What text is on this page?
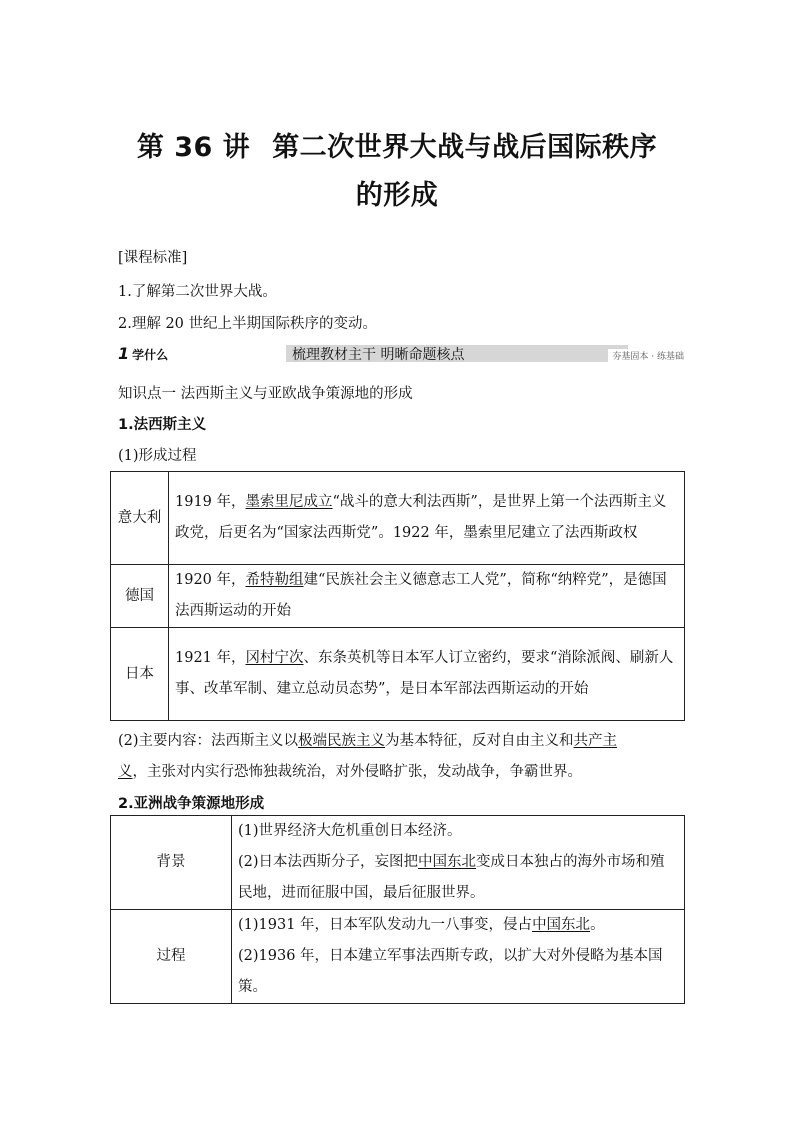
第 36 讲 第二次世界大战与战后国际秩序
的形成
[课程标准]
1.了解第二次世界大战。
2.理解 20 世纪上半期国际秩序的变动。
1 学什么	梳理教材主干 明晰命题核点	夯基固本 · 练基础
知识点一 法西斯主义与亚欧战争策源地的形成
1.法西斯主义
(1)形成过程
意大利	1919 年，墨索里尼成立“战斗的意大利法西斯”，是世界上第一个法西斯主义政党，后更名为“国家法西斯党”。1922 年，墨索里尼建立了法西斯政权
德国	1920 年，希特勒组建“民族社会主义德意志工人党”，简称“纳粹党”，是德国法西斯运动的开始
日本	1921 年，冈村宁次、东条英机等日本军人订立密约，要求“消除派阀、刷新人事、改革军制、建立总动员态势”，是日本军部法西斯运动的开始
(2)主要内容：法西斯主义以极端民族主义为基本特征，反对自由主义和共产主
义，主张对内实行恐怖独裁统治，对外侵略扩张，发动战争，争霸世界。
2.亚洲战争策源地形成
背景	(1)世界经济大危机重创日本经济。

(2)日本法西斯分子，妄图把中国东北变成日本独占的海外市场和殖民地，进而征服中国，最后征服世界。

过程	(1)1931 年，日本军队发动九一八事变，侵占中国东北。

(2)1936 年，日本建立军事法西斯专政，以扩大对外侵略为基本国策。
